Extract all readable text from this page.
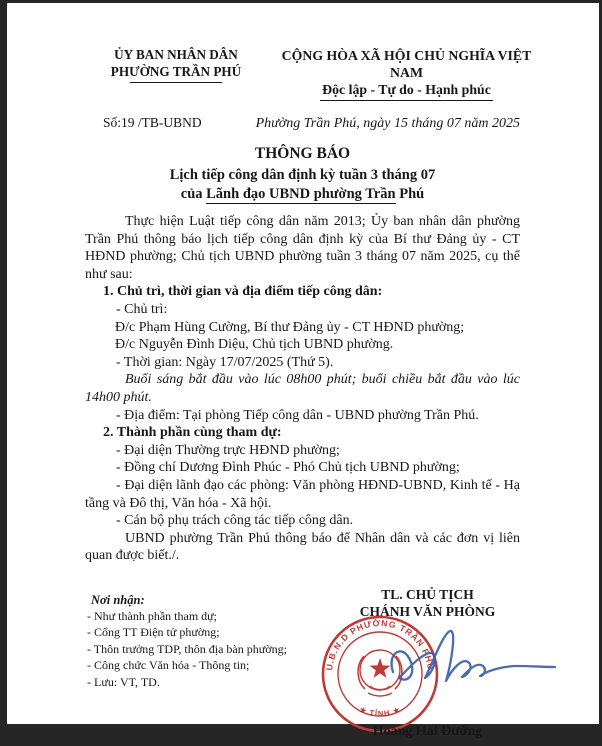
ỦY BAN NHÂN DÂN
PHƯỜNG TRẦN PHÚ
CỘNG HÒA XÃ HỘI CHỦ NGHĨA VIỆT NAM
Độc lập - Tự do - Hạnh phúc
Số:19 /TB-UBND	Phường Trần Phú, ngày 15 tháng 07 năm 2025
THÔNG BÁO
Lịch tiếp công dân định kỳ tuần 3 tháng 07
của Lãnh đạo UBND phường Trần Phú

Thực hiện Luật tiếp công dân năm 2013; Ủy ban nhân dân phường Trần Phú thông báo lịch tiếp công dân định kỳ của Bí thư Đảng ủy - CT HĐND phường; Chủ tịch UBND phường tuần 3 tháng 07 năm 2025, cụ thể như sau:

1. Chủ trì, thời gian và địa điểm tiếp công dân:
- Chủ trì:
Đ/c Phạm Hùng Cường, Bí thư Đảng ủy - CT HĐND phường;
Đ/c Nguyễn Đình Diệu, Chủ tịch UBND phường.
- Thời gian: Ngày 17/07/2025 (Thứ 5).

Buổi sáng bắt đầu vào lúc 08h00 phút; buổi chiều bắt đầu vào lúc 14h00 phút.

- Địa điểm: Tại phòng Tiếp công dân - UBND phường Trần Phú.
2. Thành phần cùng tham dự:
- Đại diện Thường trực HĐND phường;
- Đồng chí Dương Đình Phúc - Phó Chủ tịch UBND phường;

- Đại diện lãnh đạo các phòng: Văn phòng HĐND-UBND, Kinh tế - Hạ tầng và Đô thị, Văn hóa - Xã hội.

- Cán bộ phụ trách công tác tiếp công dân.

UBND phường Trần Phú thông báo để Nhân dân và các đơn vị liên quan được biết./.

Nơi nhận:
- Như thành phần tham dự;
- Cổng TT Điện tử phường;
- Thôn trưởng TDP, thôn địa bàn phường;
- Công chức Văn hóa - Thông tin;
- Lưu: VT, TD.
TL. CHỦ TỊCH
CHÁNH VĂN PHÒNG
U.B.N.D PHƯỜNG TRẦN PHÚ
★ TỈNH ★
Hoàng Hải Đường
